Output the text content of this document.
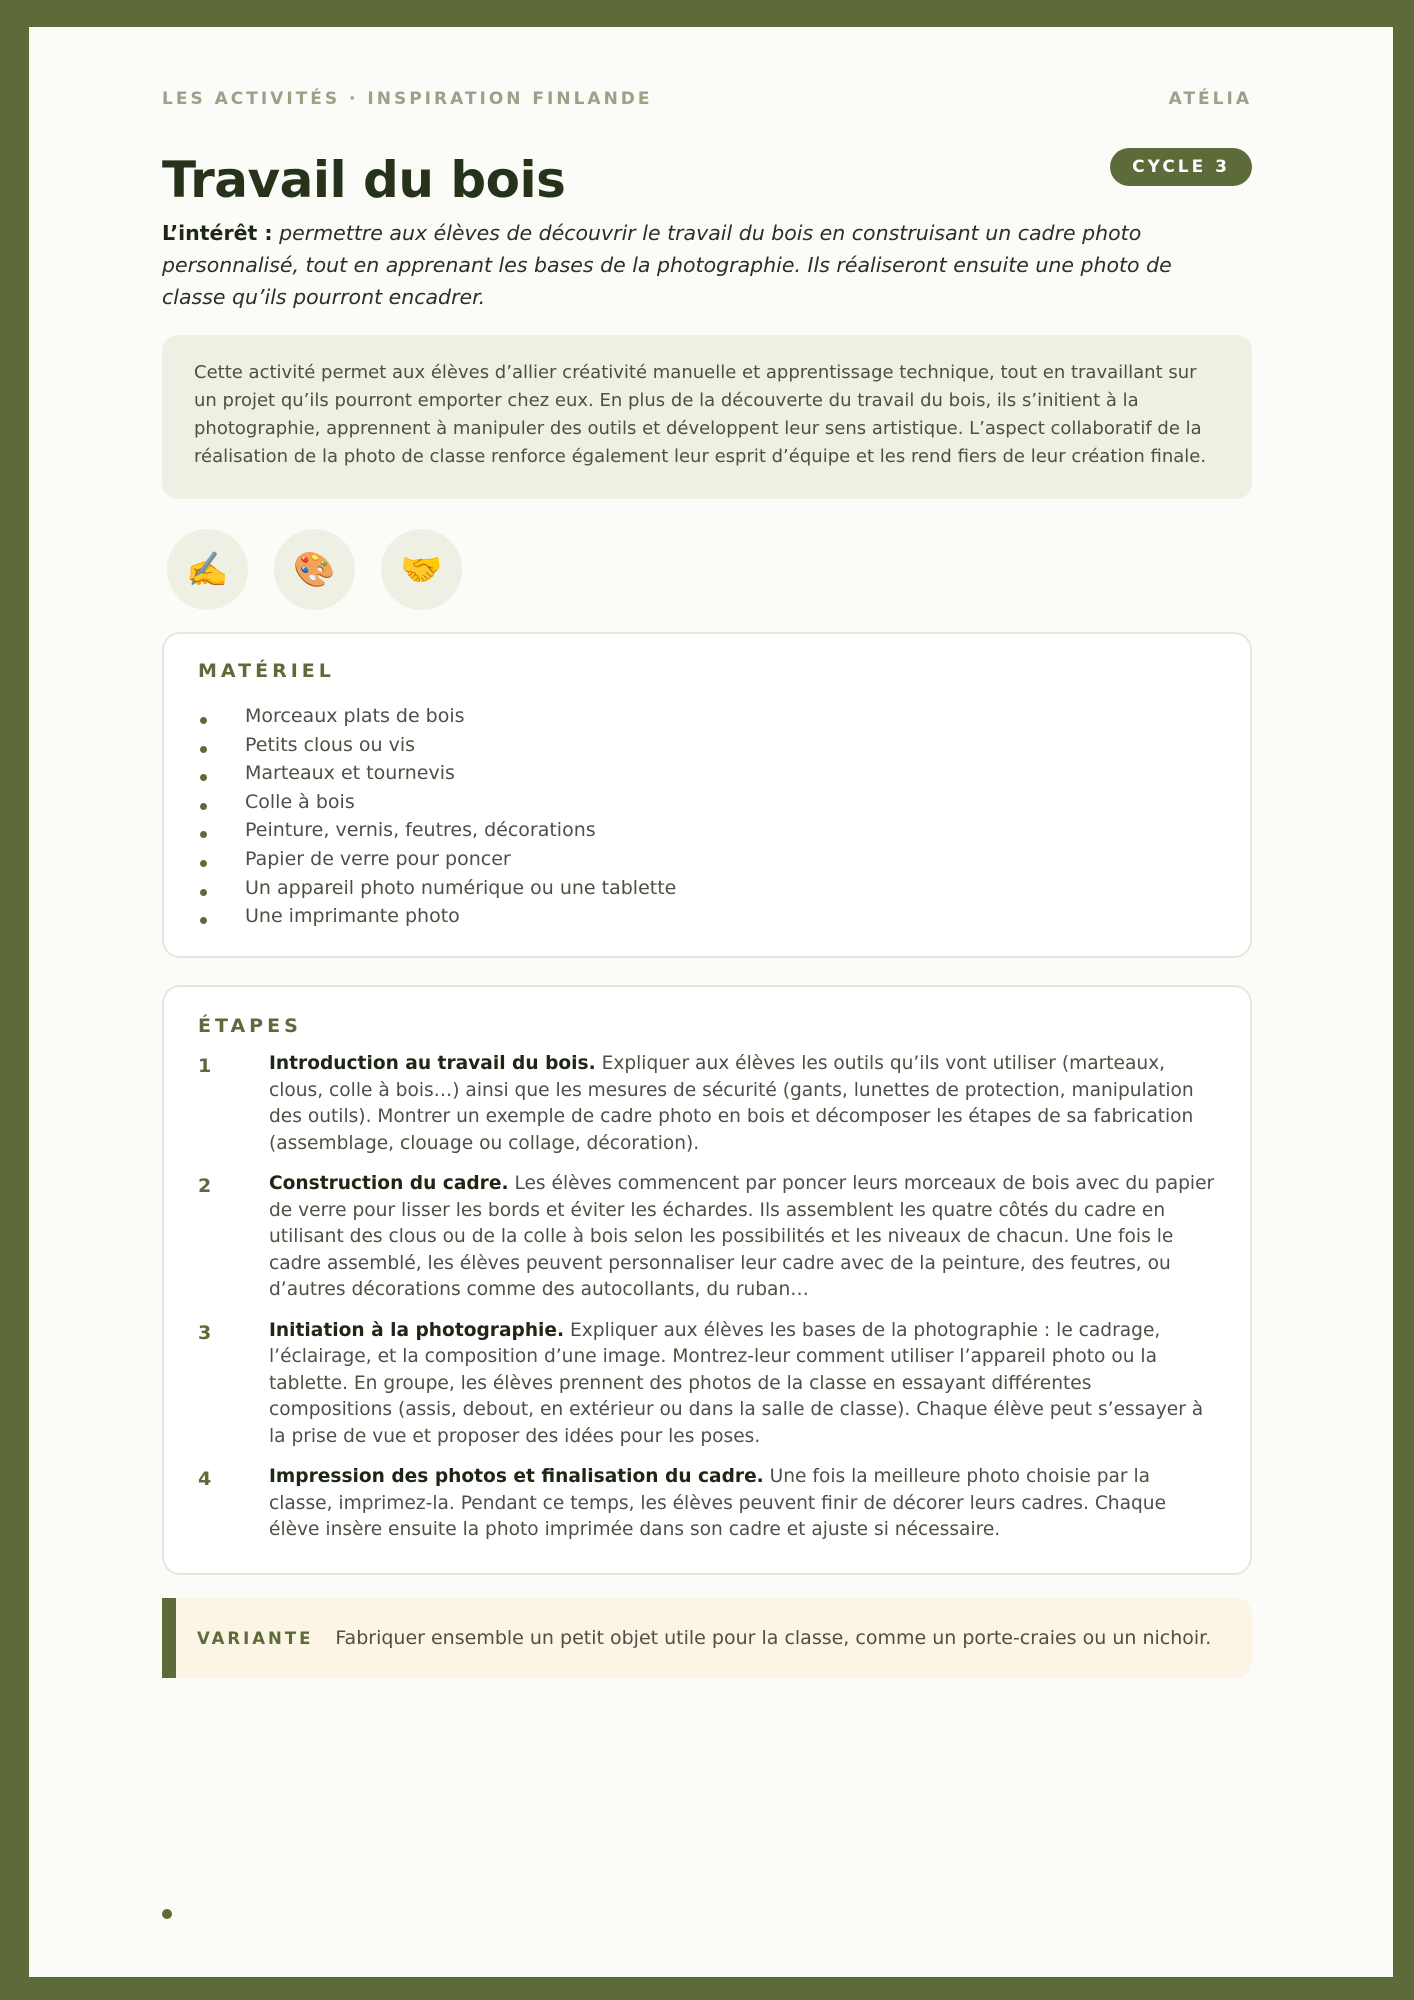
LES ACTIVITÉS · INSPIRATION FINLANDE	ATÉLIA
Travail du bois	CYCLE 3

L’intérêt : permettre aux élèves de découvrir le travail du bois en construisant un cadre photo personnalisé, tout en apprenant les bases de la photographie. Ils réaliseront ensuite une photo de classe qu’ils pourront encadrer.

Cette activité permet aux élèves d’allier créativité manuelle et apprentissage technique, tout en travaillant sur un projet qu’ils pourront emporter chez eux. En plus de la découverte du travail du bois, ils s’initient à la photographie, apprennent à manipuler des outils et développent leur sens artistique. L’aspect collaboratif de la réalisation de la photo de classe renforce également leur esprit d’équipe et les rend fiers de leur création finale.
✍️	🎨	🤝
MATÉRIEL
Morceaux plats de bois
Petits clous ou vis
Marteaux et tournevis
Colle à bois
Peinture, vernis, feutres, décorations
Papier de verre pour poncer
Un appareil photo numérique ou une tablette
Une imprimante photo
ÉTAPES
1	Introduction au travail du bois. Expliquer aux élèves les outils qu’ils vont utiliser (marteaux, clous, colle à bois…) ainsi que les mesures de sécurité (gants, lunettes de protection, manipulation des outils). Montrer un exemple de cadre photo en bois et décomposer les étapes de sa fabrication (assemblage, clouage ou collage, décoration).
2	Construction du cadre. Les élèves commencent par poncer leurs morceaux de bois avec du papier de verre pour lisser les bords et éviter les échardes. Ils assemblent les quatre côtés du cadre en utilisant des clous ou de la colle à bois selon les possibilités et les niveaux de chacun. Une fois le cadre assemblé, les élèves peuvent personnaliser leur cadre avec de la peinture, des feutres, ou d’autres décorations comme des autocollants, du ruban…
3	Initiation à la photographie. Expliquer aux élèves les bases de la photographie : le cadrage, l’éclairage, et la composition d’une image. Montrez-leur comment utiliser l’appareil photo ou la tablette. En groupe, les élèves prennent des photos de la classe en essayant différentes compositions (assis, debout, en extérieur ou dans la salle de classe). Chaque élève peut s’essayer à la prise de vue et proposer des idées pour les poses.
4	Impression des photos et finalisation du cadre. Une fois la meilleure photo choisie par la classe, imprimez-la. Pendant ce temps, les élèves peuvent finir de décorer leurs cadres. Chaque élève insère ensuite la photo imprimée dans son cadre et ajuste si nécessaire.
VARIANTE Fabriquer ensemble un petit objet utile pour la classe, comme un porte-craies ou un nichoir.
